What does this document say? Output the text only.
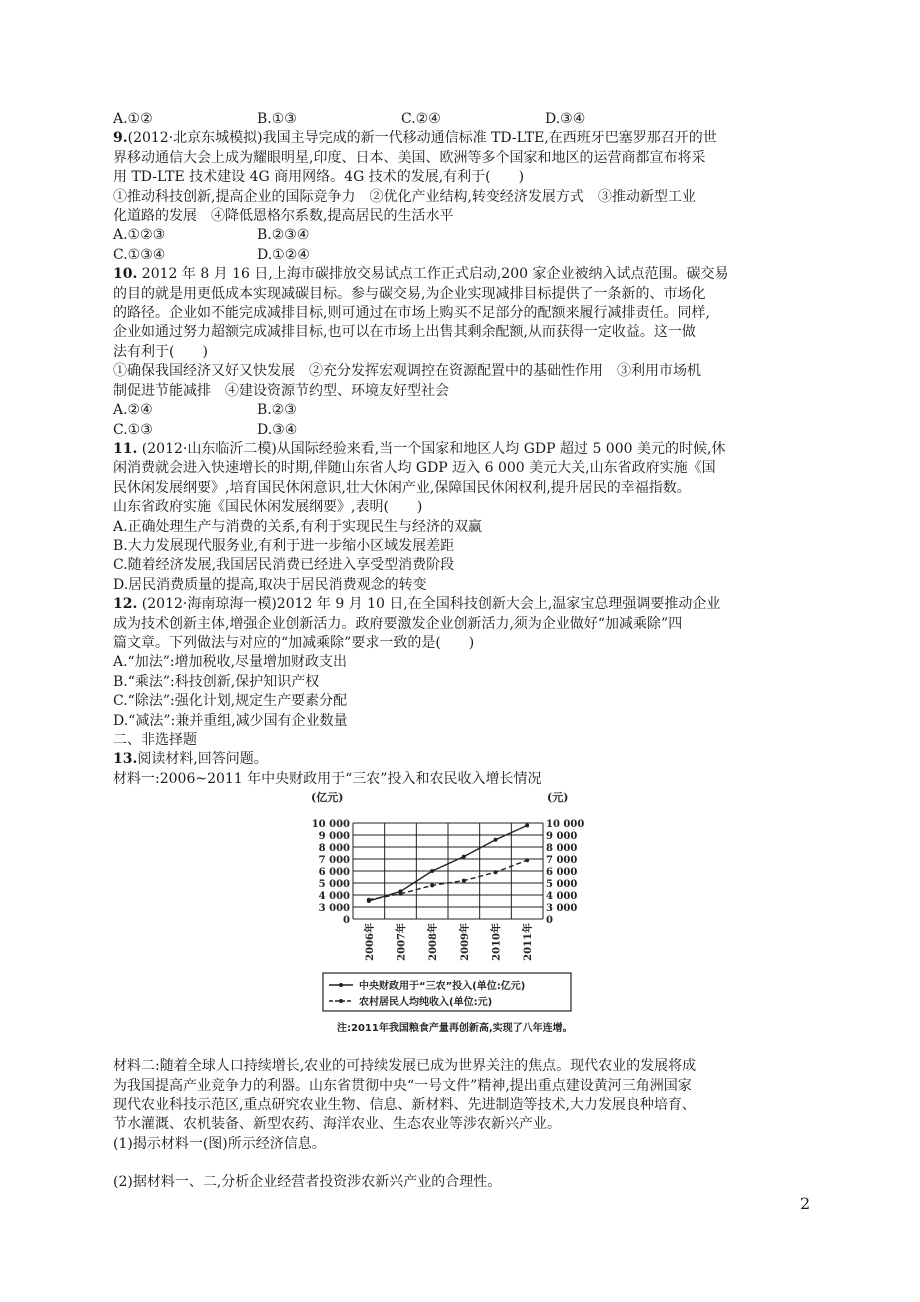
A.①②	B.①③	C.②④	D.③④
9.(2012·北京东城模拟)我国主导完成的新一代移动通信标准 TD-LTE,在西班牙巴塞罗那召开的世
界移动通信大会上成为耀眼明星,印度、日本、美国、欧洲等多个国家和地区的运营商都宣布将采
用 TD-LTE 技术建设 4G 商用网络。4G 技术的发展,有利于(　　)
①推动科技创新,提高企业的国际竞争力　②优化产业结构,转变经济发展方式　③推动新型工业
化道路的发展　④降低恩格尔系数,提高居民的生活水平
A.①②③	B.②③④
C.①③④	D.①②④
10. 2012 年 8 月 16 日,上海市碳排放交易试点工作正式启动,200 家企业被纳入试点范围。碳交易
的目的就是用更低成本实现减碳目标。参与碳交易,为企业实现减排目标提供了一条新的、市场化
的路径。企业如不能完成减排目标,则可通过在市场上购买不足部分的配额来履行减排责任。同样,
企业如通过努力超额完成减排目标,也可以在市场上出售其剩余配额,从而获得一定收益。这一做
法有利于(　　)
①确保我国经济又好又快发展　②充分发挥宏观调控在资源配置中的基础性作用　③利用市场机
制促进节能减排　④建设资源节约型、环境友好型社会
A.②④	B.②③
C.①③	D.③④
11. (2012·山东临沂二模)从国际经验来看,当一个国家和地区人均 GDP 超过 5 000 美元的时候,休
闲消费就会进入快速增长的时期,伴随山东省人均 GDP 迈入 6 000 美元大关,山东省政府实施《国
民休闲发展纲要》,培育国民休闲意识,壮大休闲产业,保障国民休闲权利,提升居民的幸福指数。
山东省政府实施《国民休闲发展纲要》,表明(　　)
A.正确处理生产与消费的关系,有利于实现民生与经济的双赢
B.大力发展现代服务业,有利于进一步缩小区域发展差距
C.随着经济发展,我国居民消费已经进入享受型消费阶段
D.居民消费质量的提高,取决于居民消费观念的转变
12. (2012·海南琼海一模)2012 年 9 月 10 日,在全国科技创新大会上,温家宝总理强调要推动企业
成为技术创新主体,增强企业创新活力。政府要激发企业创新活力,须为企业做好“加减乘除”四
篇文章。下列做法与对应的“加减乘除”要求一致的是(　　)
A.“加法”:增加税收,尽量增加财政支出
B.“乘法”:科技创新,保护知识产权
C.“除法”:强化计划,规定生产要素分配
D.“减法”:兼并重组,减少国有企业数量
二、非选择题
13.阅读材料,回答问题。
材料一:2006~2011 年中央财政用于“三农”投入和农民收入增长情况
(亿元)	(元)
0	0
3 000	3 000
4 000	4 000
5 000	5 000
6 000	6 000
7 000	7 000
8 000	8 000
9 000	9 000
10 000	10 000
2006年 2007年 2008年 2009年 2010年 2011年
中央财政用于“三农”投入(单位:亿元)
农村居民人均纯收入(单位:元)
注:2011年我国粮食产量再创新高,实现了八年连增。
材料二:随着全球人口持续增长,农业的可持续发展已成为世界关注的焦点。现代农业的发展将成
为我国提高产业竞争力的利器。山东省贯彻中央“一号文件”精神,提出重点建设黄河三角洲国家
现代农业科技示范区,重点研究农业生物、信息、新材料、先进制造等技术,大力发展良种培育、
节水灌溉、农机装备、新型农药、海洋农业、生态农业等涉农新兴产业。
(1)揭示材料一(图)所示经济信息。
(2)据材料一、二,分析企业经营者投资涉农新兴产业的合理性。
2
